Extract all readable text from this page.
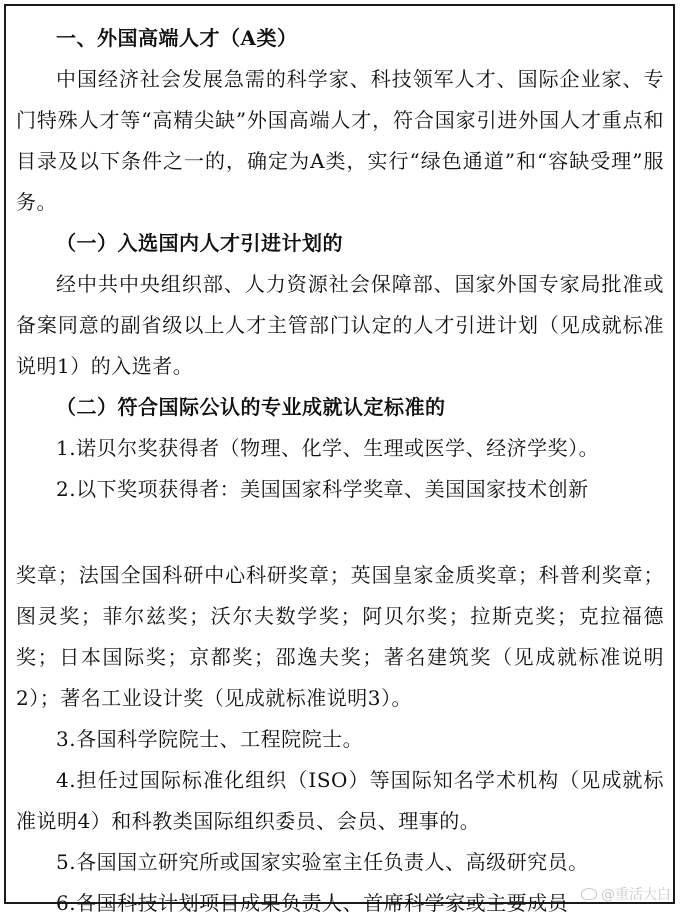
一、外国高端人才（A类）

中国经济社会发展急需的科学家、科技领军人才、国际企业家、专门特殊人才等“高精尖缺”外国高端人才，符合国家引进外国人才重点和目录及以下条件之一的，确定为A类，实行“绿色通道”和“容缺受理”服务。

（一）入选国内人才引进计划的

经中共中央组织部、人力资源社会保障部、国家外国专家局批准或备案同意的副省级以上人才主管部门认定的人才引进计划（见成就标准说明1）的入选者。

（二）符合国际公认的专业成就认定标准的

1.诺贝尔奖获得者（物理、化学、生理或医学、经济学奖）。

2.以下奖项获得者：美国国家科学奖章、美国国家技术创新

奖章；法国全国科研中心科研奖章；英国皇家金质奖章；科普利奖章；图灵奖；菲尔兹奖；沃尔夫数学奖；阿贝尔奖；拉斯克奖；克拉福德奖；日本国际奖；京都奖；邵逸夫奖；著名建筑奖（见成就标准说明2）；著名工业设计奖（见成就标准说明3）。

3.各国科学院院士、工程院院士。

4.担任过国际标准化组织（ISO）等国际知名学术机构（见成就标准说明4）和科教类国际组织委员、会员、理事的。

5.各国国立研究所或国家实验室主任负责人、高级研究员。

6.各国科技计划项目成果负责人、首席科学家或主要成员	@重活大白
